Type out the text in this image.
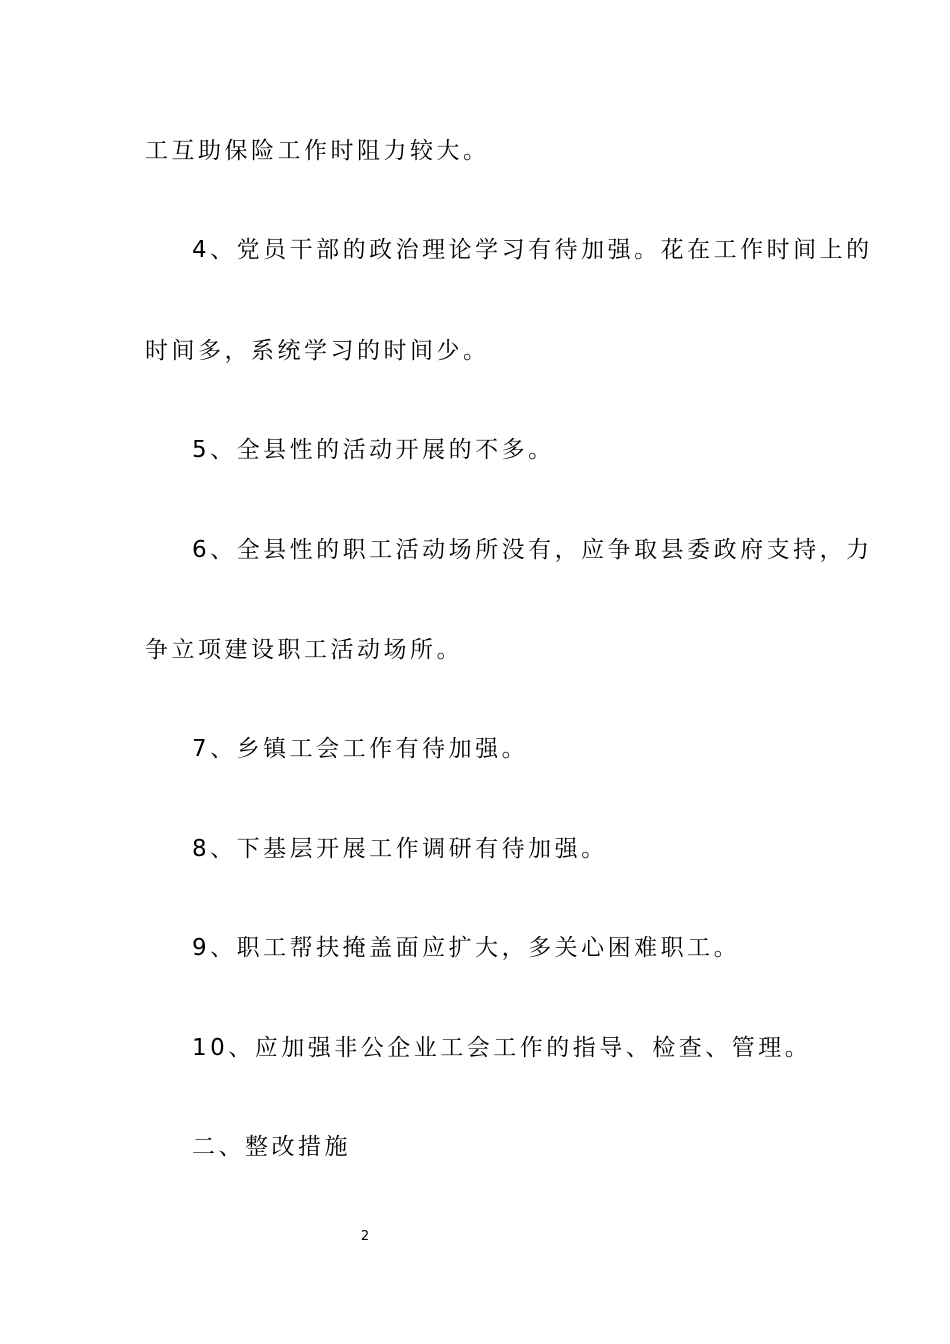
工互助保险工作时阻力较大。
4、党员干部的政治理论学习有待加强。花在工作时间上的
时间多，系统学习的时间少。
5、全县性的活动开展的不多。
6、全县性的职工活动场所没有，应争取县委政府支持，力
争立项建设职工活动场所。
7、乡镇工会工作有待加强。
8、下基层开展工作调研有待加强。
9、职工帮扶掩盖面应扩大，多关心困难职工。
10、应加强非公企业工会工作的指导、检查、管理。
二、整改措施
2
